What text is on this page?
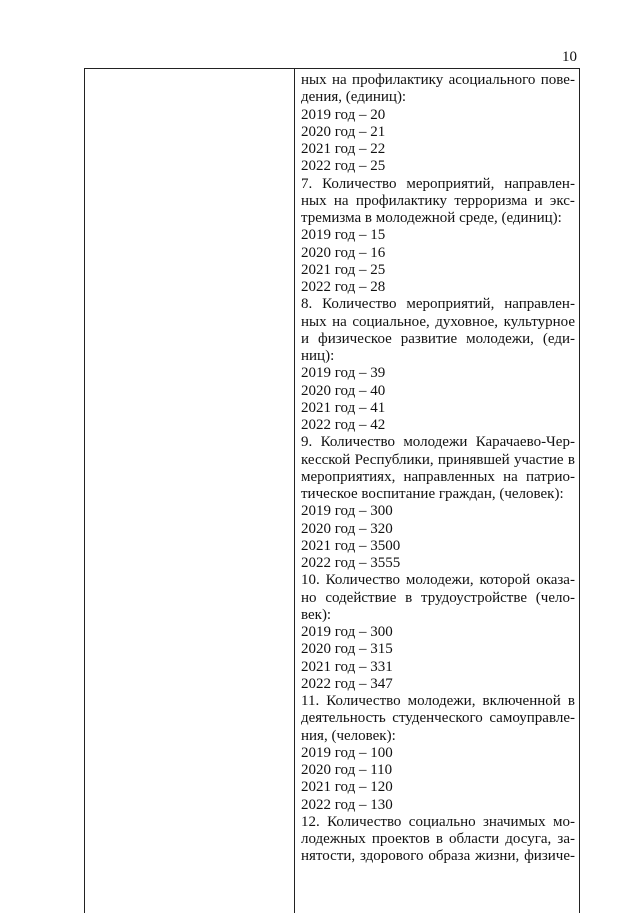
10
ных на профилактику асоциального пове-
дения, (единиц):
2019 год – 20
2020 год – 21
2021 год – 22
2022 год – 25
7. Количество мероприятий, направлен-
ных на профилактику терроризма и экс-
тремизма в молодежной среде, (единиц):
2019 год – 15
2020 год – 16
2021 год – 25
2022 год – 28
8. Количество мероприятий, направлен-
ных на социальное, духовное, культурное
и физическое развитие молодежи, (еди-
ниц):
2019 год – 39
2020 год – 40
2021 год – 41
2022 год – 42
9. Количество молодежи Карачаево-Чер-
кесской Республики, принявшей участие в
мероприятиях, направленных на патрио-
тическое воспитание граждан, (человек):
2019 год – 300
2020 год – 320
2021 год – 3500
2022 год – 3555
10. Количество молодежи, которой оказа-
но содействие в трудоустройстве (чело-
век):
2019 год – 300
2020 год – 315
2021 год – 331
2022 год – 347
11. Количество молодежи, включенной в
деятельность студенческого самоуправле-
ния, (человек):
2019 год – 100
2020 год – 110
2021 год – 120
2022 год – 130
12. Количество социально значимых мо-
лодежных проектов в области досуга, за-
нятости, здорового образа жизни, физиче-
